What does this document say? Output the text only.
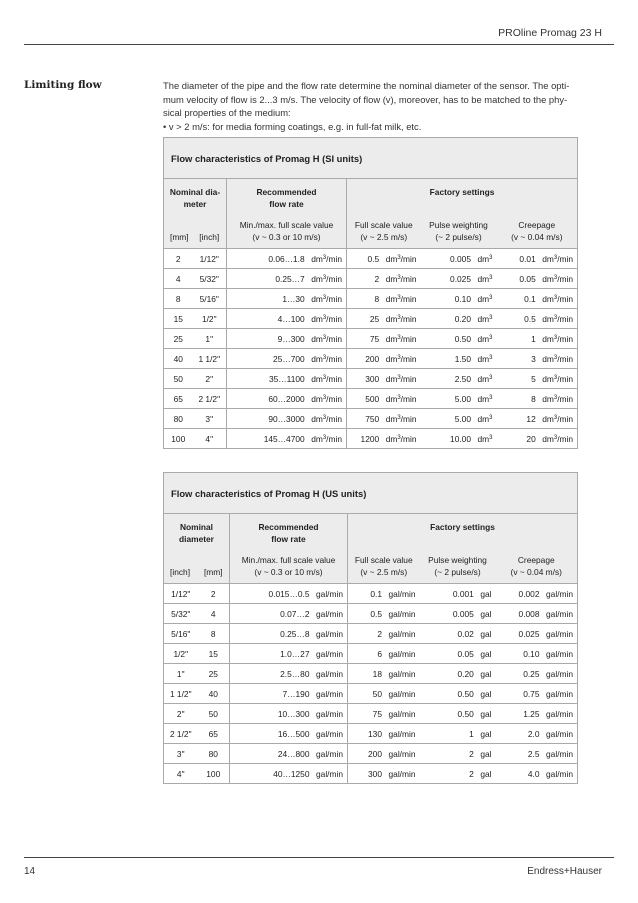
PROline Promag 23 H
Limiting flow	The diameter of the pipe and the flow rate determine the nominal diameter of the sensor. The opti-

mum velocity of flow is 2...3 m/s. The velocity of flow (v), moreover, has to be matched to the phy-

sical properties of the medium:

• v > 2 m/s: for media forming coatings, e.g. in full-fat milk, etc.

Flow characteristics of Promag H (SI units)					
Nominal dia-
meter		Recommended
flow rate	Factory settings		
[mm]	[inch]	Min./max. full scale value
(v ~ 0.3 or 10 m/s)	Full scale value
(v ~ 2.5 m/s)	Pulse weighting
(~ 2 pulse/s)	Creepage
(v ~ 0.04 m/s)
2	1/12"	0.06…1.8  $dm^3/\min$	0.5  $dm^3/\min$	0.005  $dm^3$	0.01  $dm^3/\min$
4	5/32"	0.25…7  $dm^3/\min$	2  $dm^3/\min$	0.025  $dm^3$	0.05  $dm^3/\min$
8	5/16"	1…30  $dm^3/\min$	8  $dm^3/\min$	0.10  $dm^3$	0.1  $dm^3/\min$
15	1/2"	4…100  $dm^3/\min$	25  $dm^3/\min$	0.20  $dm^3$	0.5  $dm^3/\min$
25	1"	9…300  $dm^3/\min$	75  $dm^3/\min$	0.50  $dm^3$	1  $dm^3/\min$
40	1 1/2"	25…700  $dm^3/\min$	200  $dm^3/\min$	1.50  $dm^3$	3  $dm^3/\min$
50	2"	35…1100  $dm^3/\min$	300  $dm^3/\min$	2.50  $dm^3$	5  $dm^3/\min$
65	2 1/2"	60…2000  $dm^3/\min$	500  $dm^3/\min$	5.00  $dm^3$	8  $dm^3/\min$
80	3"	90…3000  $dm^3/\min$	750  $dm^3/\min$	5.00  $dm^3$	12  $dm^3/\min$
100	4"	145…4700  $dm^3/\min$	1200  $dm^3/\min$	10.00  $dm^3$	20  $dm^3/\min$
Flow characteristics of Promag H (US units)					
Nominal
diameter		Recommended
flow rate	Factory settings		
[inch]	[mm]	Min./max. full scale value
(v ~ 0.3 or 10 m/s)	Full scale value
(v ~ 2.5 m/s)	Pulse weighting
(~ 2 pulse/s)	Creepage
(v ~ 0.04 m/s)
1/12"	2	0.015…0.5  gal/min	0.1  gal/min	0.001  gal	0.002  gal/min
5/32"	4	0.07…2  gal/min	0.5  gal/min	0.005  gal	0.008  gal/min
5/16"	8	0.25…8  gal/min	2  gal/min	0.02  gal	0.025  gal/min
1/2"	15	1.0…27  gal/min	6  gal/min	0.05  gal	0.10  gal/min
1"	25	2.5…80  gal/min	18  gal/min	0.20  gal	0.25  gal/min
1 1/2"	40	7…190  gal/min	50  gal/min	0.50  gal	0.75  gal/min
2"	50	10…300  gal/min	75  gal/min	0.50  gal	1.25  gal/min
2 1/2"	65	16…500  gal/min	130  gal/min	1  gal	2.0  gal/min
3"	80	24…800  gal/min	200  gal/min	2  gal	2.5  gal/min
4"	100	40…1250  gal/min	300  gal/min	2  gal	4.0  gal/min
14	Endress+Hauser
